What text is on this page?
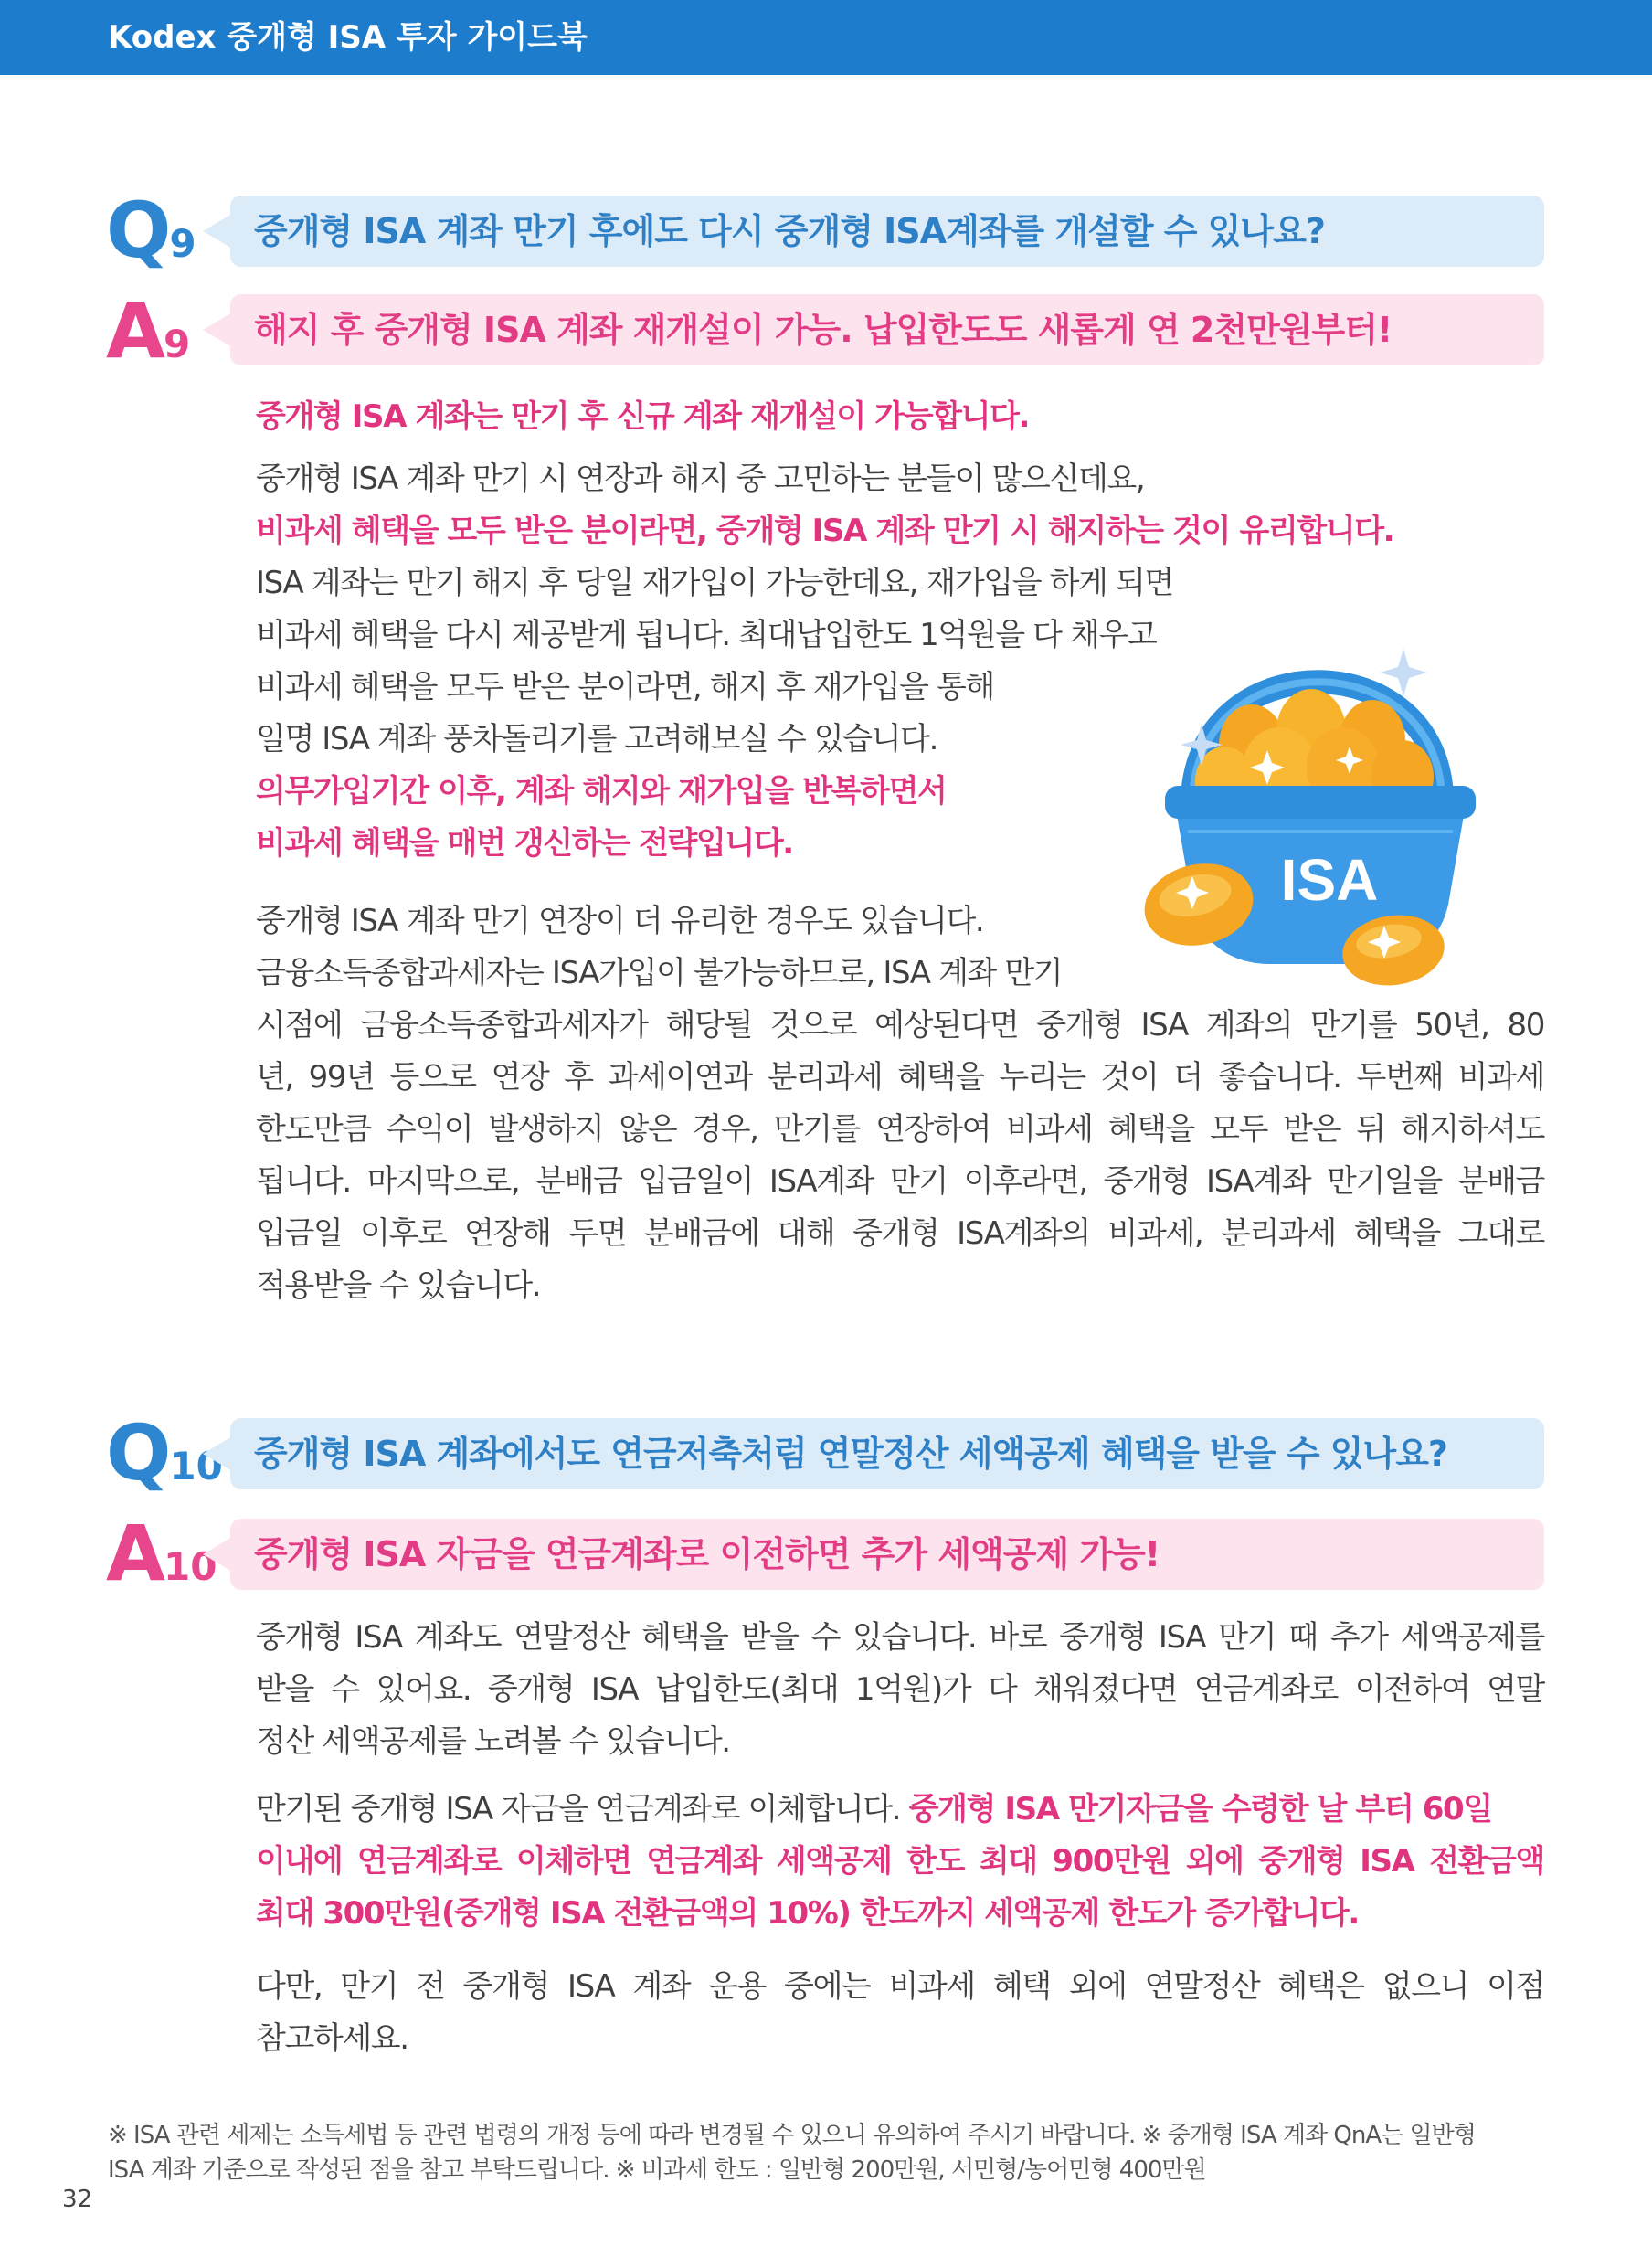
Kodex 중개형 ISA 투자 가이드북
Q9 중개형 ISA 계좌 만기 후에도 다시 중개형 ISA계좌를 개설할 수 있나요?
A9 해지 후 중개형 ISA 계좌 재개설이 가능. 납입한도도 새롭게 연 2천만원부터!
중개형 ISA 계좌는 만기 후 신규 계좌 재개설이 가능합니다.
중개형 ISA 계좌 만기 시 연장과 해지 중 고민하는 분들이 많으신데요,
비과세 혜택을 모두 받은 분이라면, 중개형 ISA 계좌 만기 시 해지하는 것이 유리합니다.
ISA 계좌는 만기 해지 후 당일 재가입이 가능한데요, 재가입을 하게 되면
비과세 혜택을 다시 제공받게 됩니다. 최대납입한도 1억원을 다 채우고
비과세 혜택을 모두 받은 분이라면, 해지 후 재가입을 통해
일명 ISA 계좌 풍차돌리기를 고려해보실 수 있습니다.
의무가입기간 이후, 계좌 해지와 재가입을 반복하면서
비과세 혜택을 매번 갱신하는 전략입니다.
중개형 ISA 계좌 만기 연장이 더 유리한 경우도 있습니다.
금융소득종합과세자는 ISA가입이 불가능하므로, ISA 계좌 만기
시점에 금융소득종합과세자가 해당될 것으로 예상된다면 중개형 ISA 계좌의 만기를 50년, 80
년, 99년 등으로 연장 후 과세이연과 분리과세 혜택을 누리는 것이 더 좋습니다. 두번째 비과세
한도만큼 수익이 발생하지 않은 경우, 만기를 연장하여 비과세 혜택을 모두 받은 뒤 해지하셔도
됩니다. 마지막으로, 분배금 입금일이 ISA계좌 만기 이후라면, 중개형 ISA계좌 만기일을 분배금
입금일 이후로 연장해 두면 분배금에 대해 중개형 ISA계좌의 비과세, 분리과세 혜택을 그대로
적용받을 수 있습니다.
ISA
Q10 중개형 ISA 계좌에서도 연금저축처럼 연말정산 세액공제 혜택을 받을 수 있나요?
A10 중개형 ISA 자금을 연금계좌로 이전하면 추가 세액공제 가능!
중개형 ISA 계좌도 연말정산 혜택을 받을 수 있습니다. 바로 중개형 ISA 만기 때 추가 세액공제를
받을 수 있어요. 중개형 ISA 납입한도(최대 1억원)가 다 채워졌다면 연금계좌로 이전하여 연말
정산 세액공제를 노려볼 수 있습니다.
만기된 중개형 ISA 자금을 연금계좌로 이체합니다. 중개형 ISA 만기자금을 수령한 날 부터 60일
이내에 연금계좌로 이체하면 연금계좌 세액공제 한도 최대 900만원 외에 중개형 ISA 전환금액
최대 300만원(중개형 ISA 전환금액의 10%) 한도까지 세액공제 한도가 증가합니다.
다만, 만기 전 중개형 ISA 계좌 운용 중에는 비과세 혜택 외에 연말정산 혜택은 없으니 이점
참고하세요.
※ ISA 관련 세제는 소득세법 등 관련 법령의 개정 등에 따라 변경될 수 있으니 유의하여 주시기 바랍니다. ※ 중개형 ISA 계좌 QnA는 일반형
ISA 계좌 기준으로 작성된 점을 참고 부탁드립니다. ※ 비과세 한도 : 일반형 200만원, 서민형/농어민형 400만원
32
